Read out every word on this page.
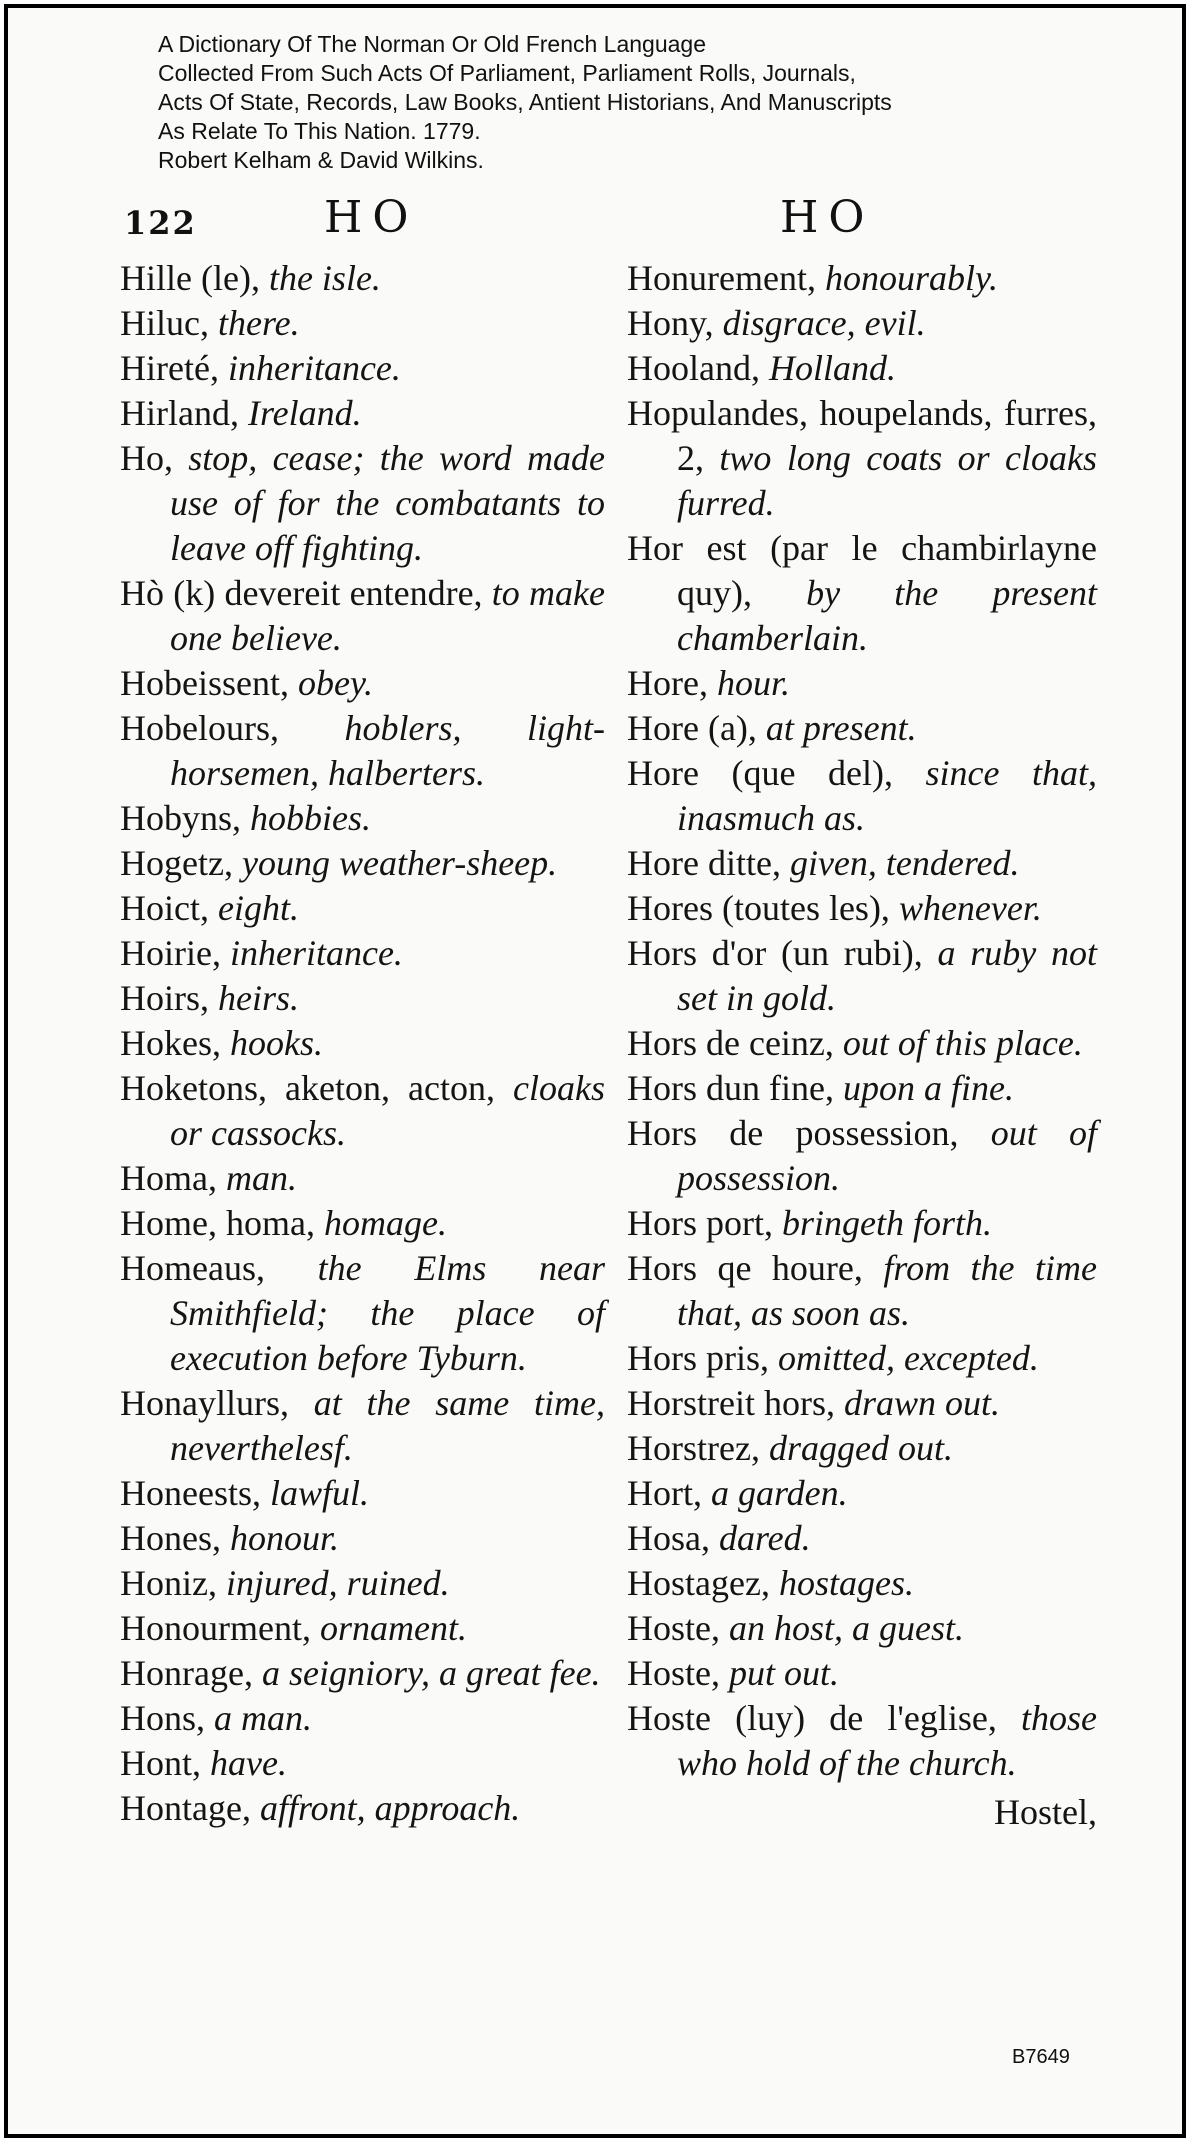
A Dictionary Of The Norman Or Old French Language
Collected From Such Acts Of Parliament, Parliament Rolls, Journals,
Acts Of State, Records, Law Books, Antient Historians, And Manuscripts
As Relate To This Nation. 1779.
Robert Kelham & David Wilkins.
122	HO	HO
Hille (le), the isle.
Hiluc, there.
Hireté, inheritance.
Hirland, Ireland.
Ho, stop, cease; the word made use of for the combatants to leave off fighting.
Hò (k) devereit entendre, to make one believe.
Hobeissent, obey.
Hobelours, hoblers, light-horsemen, halberters.
Hobyns, hobbies.
Hogetz, young weather-sheep.
Hoict, eight.
Hoirie, inheritance.
Hoirs, heirs.
Hokes, hooks.
Hoketons, aketon, acton, cloaks or cassocks.
Homa, man.
Home, homa, homage.
Homeaus, the Elms near Smithfield; the place of execution before Tyburn.
Honayllurs, at the same time, neverthelesf.
Honeests, lawful.
Hones, honour.
Honiz, injured, ruined.
Honourment, ornament.
Honrage, a seigniory, a great fee.
Hons, a man.
Hont, have.
Hontage, affront, approach.
Honurement, honourably.
Hony, disgrace, evil.
Hooland, Holland.
Hopulandes, houpelands, furres, 2, two long coats or cloaks furred.
Hor est (par le chambirlayne quy), by the present chamberlain.
Hore, hour.
Hore (a), at present.
Hore (que del), since that, inasmuch as.
Hore ditte, given, tendered.
Hores (toutes les), whenever.
Hors d'or (un rubi), a ruby not set in gold.
Hors de ceinz, out of this place.
Hors dun fine, upon a fine.
Hors de possession, out of possession.
Hors port, bringeth forth.
Hors qe houre, from the time that, as soon as.
Hors pris, omitted, excepted.
Horstreit hors, drawn out.
Horstrez, dragged out.
Hort, a garden.
Hosa, dared.
Hostagez, hostages.
Hoste, an host, a guest.
Hoste, put out.
Hoste (luy) de l'eglise, those who hold of the church.
Hostel,
B7649
